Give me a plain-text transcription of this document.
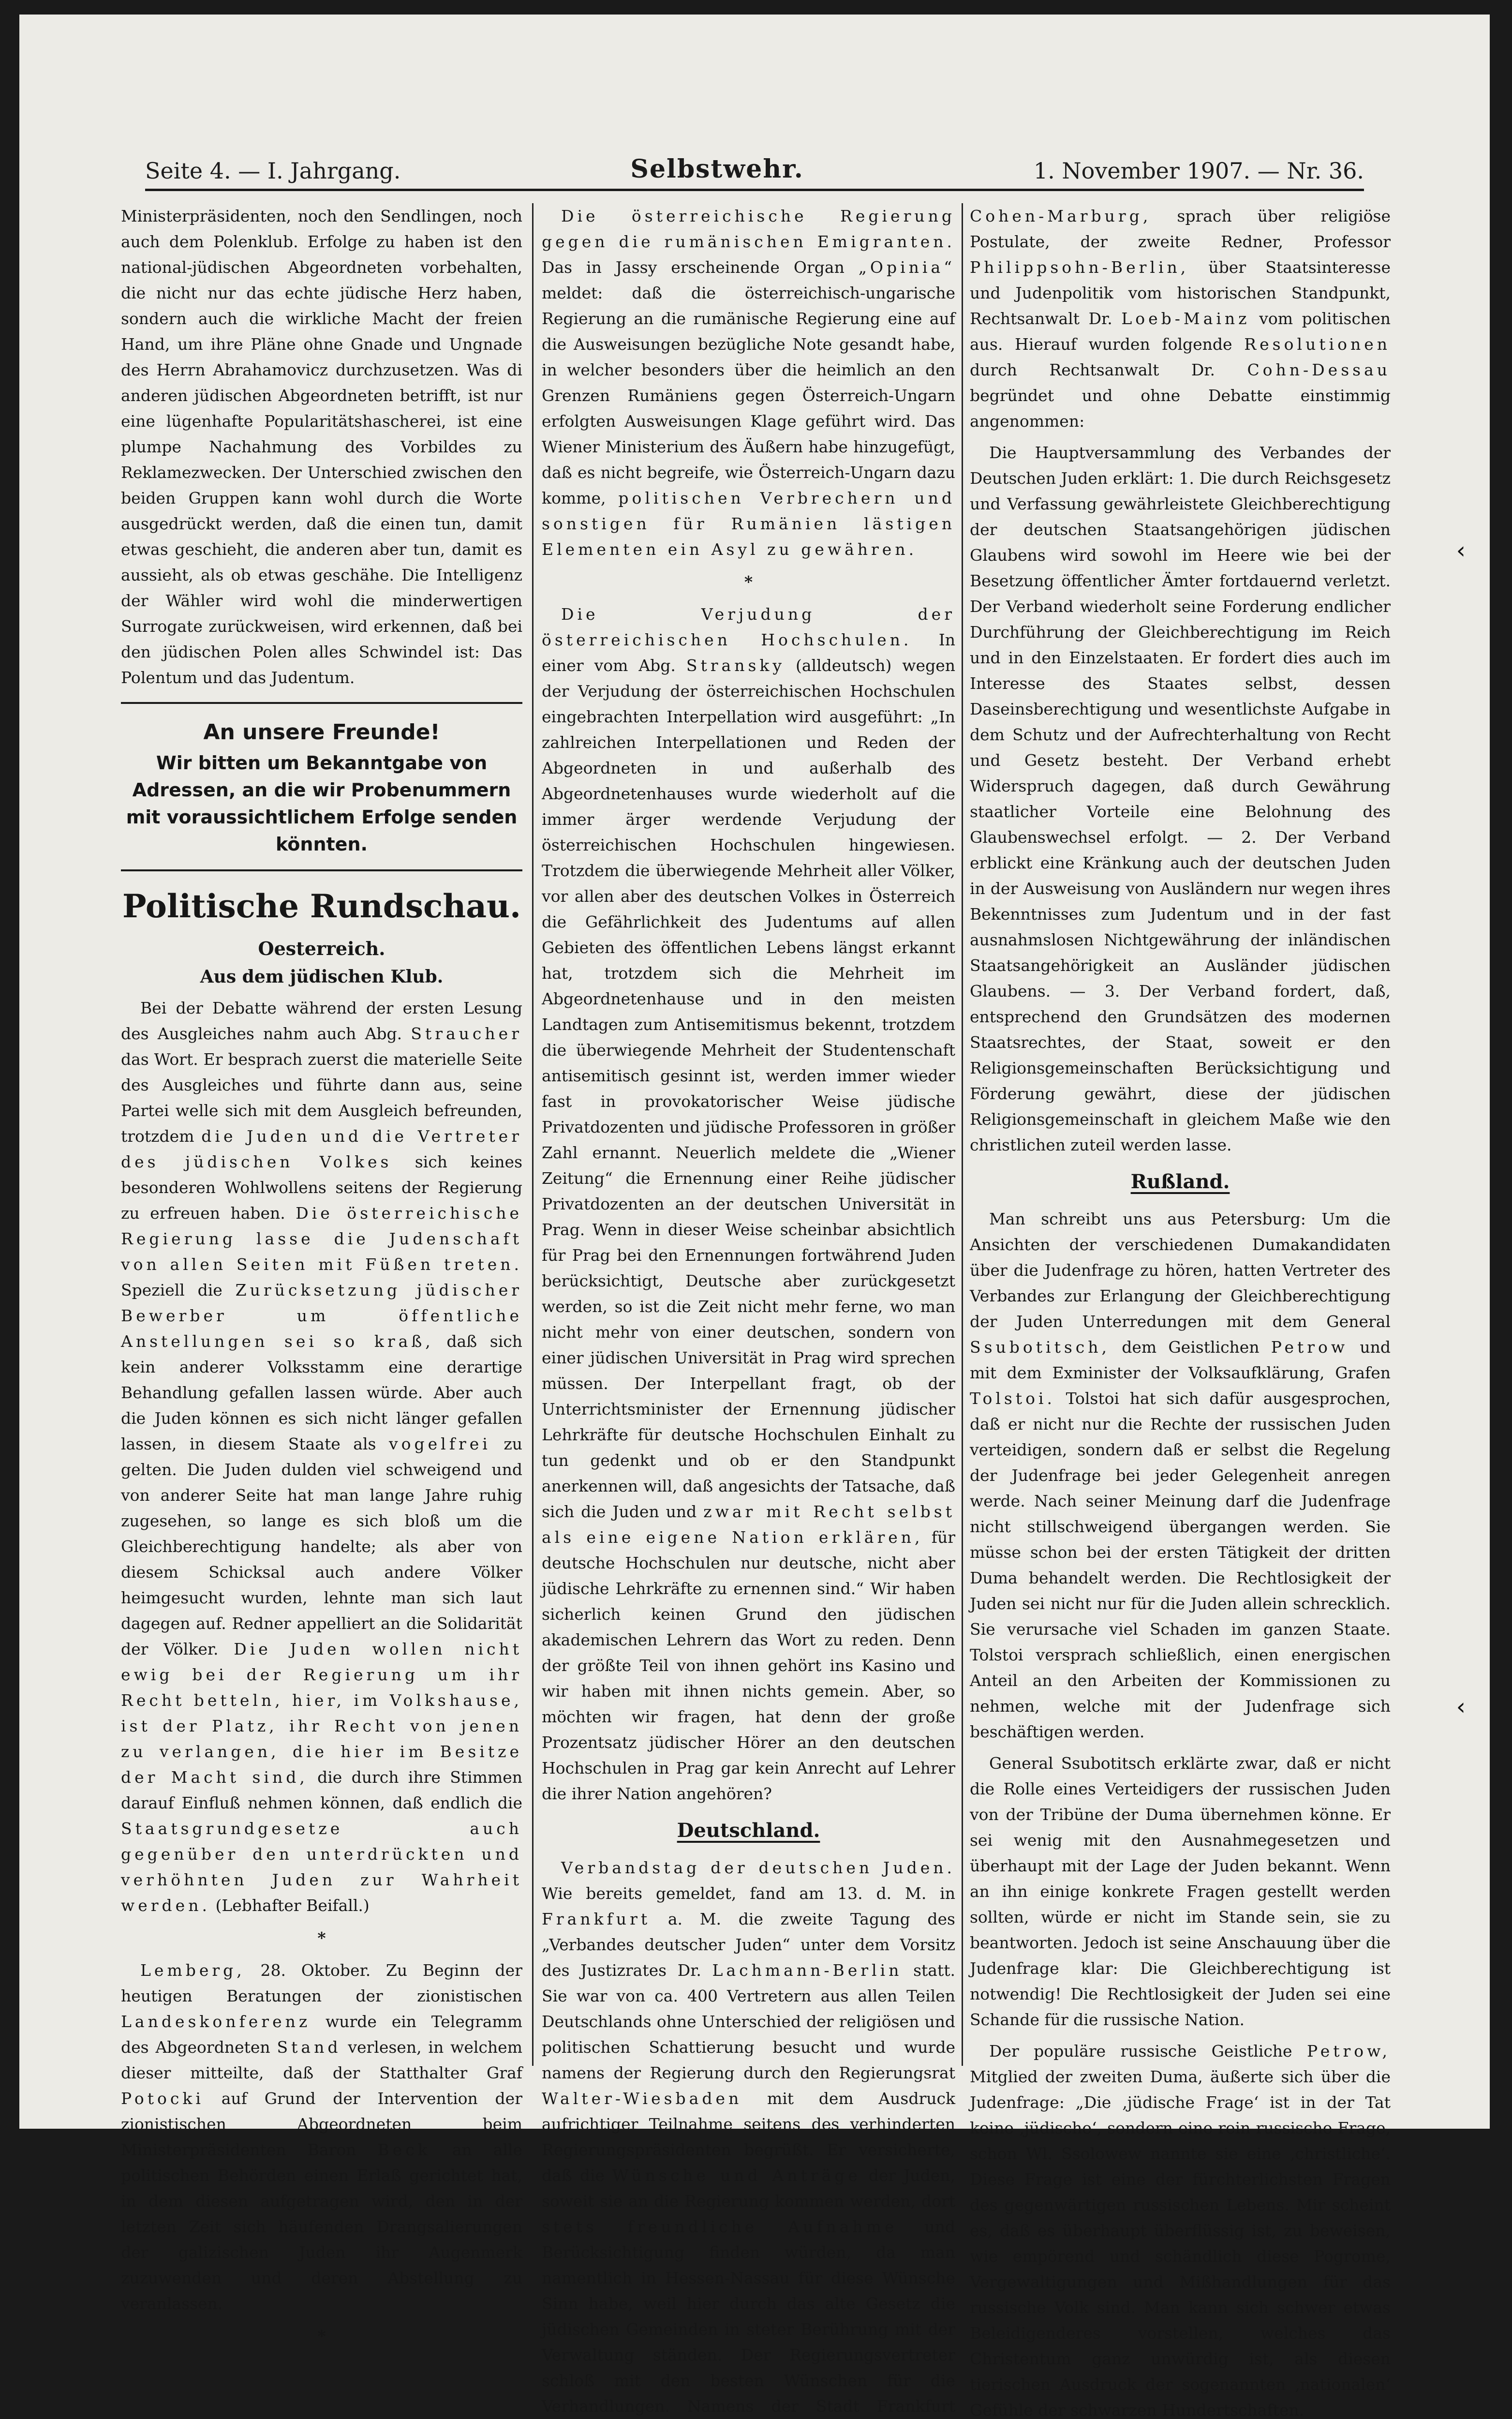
Seite 4. — I. Jahrgang.	Selbstwehr.	1. November 1907. — Nr. 36.

Ministerpräsidenten, noch den Sendlingen, noch auch dem Polenklub. Erfolge zu haben ist den national-jüdischen Abgeordneten vorbehalten, die nicht nur das echte jüdische Herz haben, sondern auch die wirkliche Macht der freien Hand, um ihre Pläne ohne Gnade und Ungnade des Herrn Abrahamovicz durchzusetzen. Was di anderen jüdischen Abgeordneten betrifft, ist nur eine lügenhafte Popularitätshascherei, ist eine plumpe Nachahmung des Vorbildes zu Reklamezwecken. Der Unterschied zwischen den beiden Gruppen kann wohl durch die Worte ausgedrückt werden, daß die einen tun, damit etwas geschieht, die anderen aber tun, damit es aussieht, als ob etwas geschähe. Die Intelligenz der Wähler wird wohl die minderwertigen Surrogate zurückweisen, wird erkennen, daß bei den jüdischen Polen alles Schwindel ist: Das Polentum und das Judentum.

An unsere Freunde!
Wir bitten um Bekanntgabe von Adressen, an die wir Probenummern mit voraussichtlichem Erfolge senden könnten.
Politische Rundschau.
Oesterreich.
Aus dem jüdischen Klub.

Bei der Debatte während der ersten Lesung des Ausgleiches nahm auch Abg. Straucher das Wort. Er besprach zuerst die materielle Seite des Ausgleiches und führte dann aus, seine Partei welle sich mit dem Ausgleich befreunden, trotzdem die Juden und die Vertreter des jüdischen Volkes sich keines besonderen Wohlwollens seitens der Regierung zu erfreuen haben. Die österreichische Regierung lasse die Judenschaft von allen Seiten mit Füßen treten. Speziell die Zurücksetzung jüdischer Bewerber um öffentliche Anstellungen sei so kraß, daß sich kein anderer Volksstamm eine derartige Behandlung gefallen lassen würde. Aber auch die Juden können es sich nicht länger gefallen lassen, in diesem Staate als vogelfrei zu gelten. Die Juden dulden viel schweigend und von anderer Seite hat man lange Jahre ruhig zugesehen, so lange es sich bloß um die Gleichberechtigung handelte; als aber von diesem Schicksal auch andere Völker heimgesucht wurden, lehnte man sich laut dagegen auf. Redner appelliert an die Solidarität der Völker. Die Juden wollen nicht ewig bei der Regierung um ihr Recht betteln, hier, im Volkshause, ist der Platz, ihr Recht von jenen zu verlangen, die hier im Besitze der Macht sind, die durch ihre Stimmen darauf Einfluß nehmen können, daß endlich die Staatsgrundgesetze auch gegenüber den unterdrückten und verhöhnten Juden zur Wahrheit werden. (Lebhafter Beifall.)

*

Lemberg, 28. Oktober. Zu Beginn der heutigen Beratungen der zionistischen Landeskonferenz wurde ein Telegramm des Abgeordneten Stand verlesen, in welchem dieser mitteilte, daß der Statthalter Graf Potocki auf Grund der Intervention der zionistischen Abgeordneten beim Ministerpräsidenten Baron Beck an alle politischen Behörden einen Erlaß gerichtet hat, in dem diesen aufgetragen wird, den in der letzten Zeit sich häufenden Drangsalierungen der galizischen Juden ihr Augenmerk zuzuwenden und deren Abstellung zu veranlassen.

*

Die österreichische Regierung gegen die rumänischen Emigranten. Das in Jassy erscheinende Organ „Opinia“ meldet: daß die österreichisch-ungarische Regierung an die rumänische Regierung eine auf die Ausweisungen bezügliche Note gesandt habe, in welcher besonders über die heimlich an den Grenzen Rumäniens gegen Österreich-Ungarn erfolgten Ausweisungen Klage geführt wird. Das Wiener Ministerium des Äußern habe hinzugefügt, daß es nicht begreife, wie Österreich-Ungarn dazu komme, politischen Verbrechern und sonstigen für Rumänien lästigen Elementen ein Asyl zu gewähren.

*

Die Verjudung der österreichischen Hochschulen. In einer vom Abg. Stransky (alldeutsch) wegen der Verjudung der österreichischen Hochschulen eingebrachten Interpellation wird ausgeführt: „In zahlreichen Interpellationen und Reden der Abgeordneten in und außerhalb des Abgeordnetenhauses wurde wiederholt auf die immer ärger werdende Verjudung der österreichischen Hochschulen hingewiesen. Trotzdem die überwiegende Mehrheit aller Völker, vor allen aber des deutschen Volkes in Österreich die Gefährlichkeit des Judentums auf allen Gebieten des öffentlichen Lebens längst erkannt hat, trotzdem sich die Mehrheit im Abgeordnetenhause und in den meisten Landtagen zum Antisemitismus bekennt, trotzdem die überwiegende Mehrheit der Studentenschaft antisemitisch gesinnt ist, werden immer wieder fast in provokatorischer Weise jüdische Privatdozenten und jüdische Professoren in größer Zahl ernannt. Neuerlich meldete die „Wiener Zeitung“ die Ernennung einer Reihe jüdischer Privatdozenten an der deutschen Universität in Prag. Wenn in dieser Weise scheinbar absichtlich für Prag bei den Ernennungen fortwährend Juden berücksichtigt, Deutsche aber zurückgesetzt werden, so ist die Zeit nicht mehr ferne, wo man nicht mehr von einer deutschen, sondern von einer jüdischen Universität in Prag wird sprechen müssen. Der Interpellant fragt, ob der Unterrichtsminister der Ernennung jüdischer Lehrkräfte für deutsche Hochschulen Einhalt zu tun gedenkt und ob er den Standpunkt anerkennen will, daß angesichts der Tatsache, daß sich die Juden und zwar mit Recht selbst als eine eigene Nation erklären, für deutsche Hochschulen nur deutsche, nicht aber jüdische Lehrkräfte zu ernennen sind.“ Wir haben sicherlich keinen Grund den jüdischen akademischen Lehrern das Wort zu reden. Denn der größte Teil von ihnen gehört ins Kasino und wir haben mit ihnen nichts gemein. Aber, so möchten wir fragen, hat denn der große Prozentsatz jüdischer Hörer an den deutschen Hochschulen in Prag gar kein Anrecht auf Lehrer die ihrer Nation angehören?

Deutschland.

Verbandstag der deutschen Juden. Wie bereits gemeldet, fand am 13. d. M. in Frankfurt a. M. die zweite Tagung des „Verbandes deutscher Juden“ unter dem Vorsitz des Justizrates Dr. Lachmann-Berlin statt. Sie war von ca. 400 Vertretern aus allen Teilen Deutschlands ohne Unterschied der religiösen und politischen Schattierung besucht und wurde namens der Regierung durch den Regierungsrat Walter-Wiesbaden mit dem Ausdruck aufrichtiger Teilnahme seitens des verhinderten Regierungspräsidenten begrüßt. Er versicherte, daß die Wünsche und Anträge der Juden, soweit sie an die Regierung kommen werden, dort stets freundliche Aufnahme und Berücksichtigung finden würden, da man namentlich in Hessen-Nassau für diese Wünsche Sinn habe, weil hier durch das alte Gesetz die jüdischen Gemeinden in steter Berührung mit der Verwaltung ständen. Der Regierungsvertreter schloß mit den besten Wünschen für die Verhandlungen. Namens der Stadt Frankfurt

Cohen-Marburg, sprach über religiöse Postulate, der zweite Redner, Professor Philippsohn-Berlin, über Staatsinteresse und Judenpolitik vom historischen Standpunkt, Rechtsanwalt Dr. Loeb-Mainz vom politischen aus. Hierauf wurden folgende Resolutionen durch Rechtsanwalt Dr. Cohn-Dessau begründet und ohne Debatte einstimmig angenommen:

Die Hauptversammlung des Verbandes der Deutschen Juden erklärt: 1. Die durch Reichsgesetz und Verfassung gewährleistete Gleichberechtigung der deutschen Staatsangehörigen jüdischen Glaubens wird sowohl im Heere wie bei der Besetzung öffentlicher Ämter fortdauernd verletzt. Der Verband wiederholt seine Forderung endlicher Durchführung der Gleichberechtigung im Reich und in den Einzelstaaten. Er fordert dies auch im Interesse des Staates selbst, dessen Daseinsberechtigung und wesentlichste Aufgabe in dem Schutz und der Aufrechterhaltung von Recht und Gesetz besteht. Der Verband erhebt Widerspruch dagegen, daß durch Gewährung staatlicher Vorteile eine Belohnung des Glaubenswechsel erfolgt. — 2. Der Verband erblickt eine Kränkung auch der deutschen Juden in der Ausweisung von Ausländern nur wegen ihres Bekenntnisses zum Judentum und in der fast ausnahmslosen Nichtgewährung der inländischen Staatsangehörigkeit an Ausländer jüdischen Glaubens. — 3. Der Verband fordert, daß, entsprechend den Grundsätzen des modernen Staatsrechtes, der Staat, soweit er den Religionsgemeinschaften Berücksichtigung und Förderung gewährt, diese der jüdischen Religionsgemeinschaft in gleichem Maße wie den christlichen zuteil werden lasse.

Rußland.

Man schreibt uns aus Petersburg: Um die Ansichten der verschiedenen Dumakandidaten über die Judenfrage zu hören, hatten Vertreter des Verbandes zur Erlangung der Gleichberechtigung der Juden Unterredungen mit dem General Ssubotitsch, dem Geistlichen Petrow und mit dem Exminister der Volksaufklärung, Grafen Tolstoi. Tolstoi hat sich dafür ausgesprochen, daß er nicht nur die Rechte der russischen Juden verteidigen, sondern daß er selbst die Regelung der Judenfrage bei jeder Gelegenheit anregen werde. Nach seiner Meinung darf die Judenfrage nicht stillschweigend übergangen werden. Sie müsse schon bei der ersten Tätigkeit der dritten Duma behandelt werden. Die Rechtlosigkeit der Juden sei nicht nur für die Juden allein schrecklich. Sie verursache viel Schaden im ganzen Staate. Tolstoi versprach schließlich, einen energischen Anteil an den Arbeiten der Kommissionen zu nehmen, welche mit der Judenfrage sich beschäftigen werden.

General Ssubotitsch erklärte zwar, daß er nicht die Rolle eines Verteidigers der russischen Juden von der Tribüne der Duma übernehmen könne. Er sei wenig mit den Ausnahmegesetzen und überhaupt mit der Lage der Juden bekannt. Wenn an ihn einige konkrete Fragen gestellt werden sollten, würde er nicht im Stande sein, sie zu beantworten. Jedoch ist seine Anschauung über die Judenfrage klar: Die Gleichberechtigung ist notwendig! Die Rechtlosigkeit der Juden sei eine Schande für die russische Nation.

Der populäre russische Geistliche Petrow, Mitglied der zweiten Duma, äußerte sich über die Judenfrage: „Die ‚jüdische Frage‘ ist in der Tat keine ‚jüdische‘, sondern eine rein russische Frage, schon Wl. Ssolowew nannte sie eine ‚christliche‘. Diese Frage ist eine der fürchterlichsten Fragen des gegenwärtigen russischen Lebens. Mir scheint es, daß es überhaupt überflüssig ist, zu beweisen, wie empörend und schändlich diese Pogrome, Vergewaltigungen und Mißhandlungen für das russische Volk sind. Man kann sich schwer etwas Beleidigenderes vorstellen, welches das Christentum ganz unwürdig ist, als diesen tierischen Ausdruck der sogenannten ‚nationalen‘ Gefühle der schwarzen Hundertschaften.

‹
‹
